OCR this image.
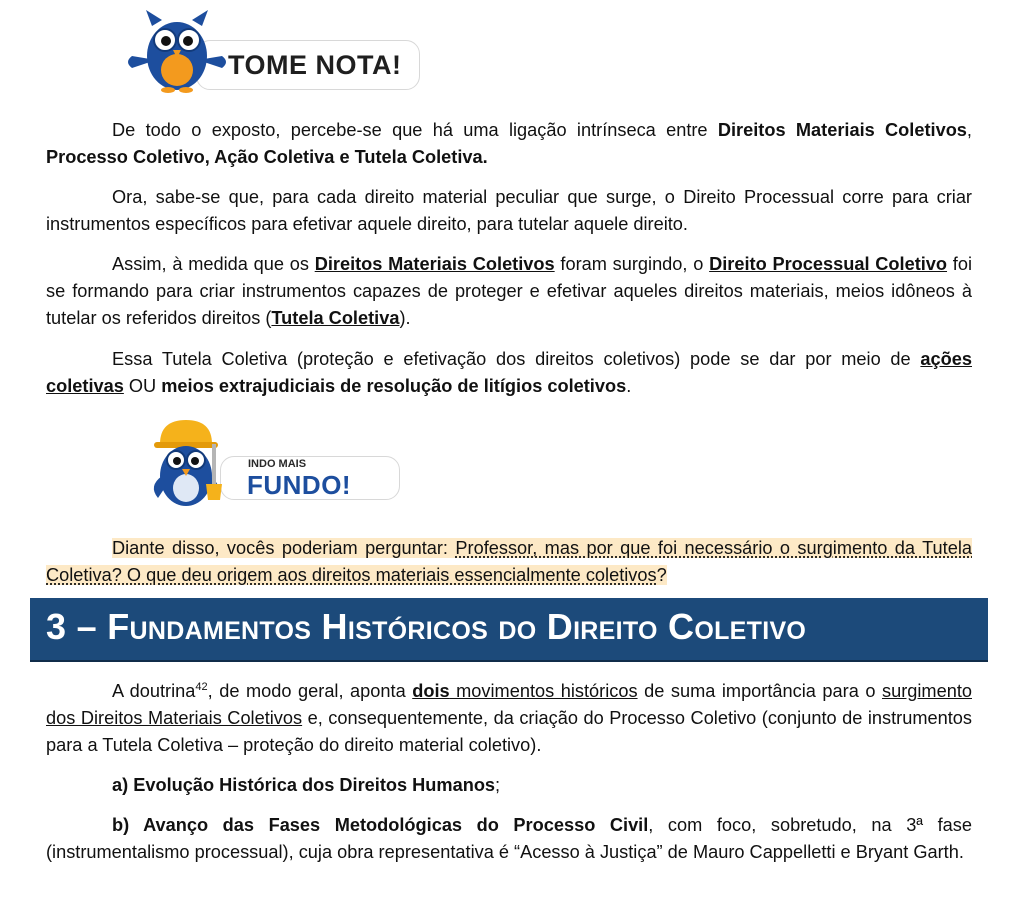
TOME NOTA!

De todo o exposto, percebe-se que há uma ligação intrínseca entre Direitos Materiais Coletivos, Processo Coletivo, Ação Coletiva e Tutela Coletiva.

Ora, sabe-se que, para cada direito material peculiar que surge, o Direito Processual corre para criar instrumentos específicos para efetivar aquele direito, para tutelar aquele direito.

Assim, à medida que os Direitos Materiais Coletivos foram surgindo, o Direito Processual Coletivo foi se formando para criar instrumentos capazes de proteger e efetivar aqueles direitos materiais, meios idôneos à tutelar os referidos direitos (Tutela Coletiva).

Essa Tutela Coletiva (proteção e efetivação dos direitos coletivos) pode se dar por meio de ações coletivas OU meios extrajudiciais de resolução de litígios coletivos.

INDO MAIS
FUNDO!

Diante disso, vocês poderiam perguntar: Professor, mas por que foi necessário o surgimento da Tutela Coletiva? O que deu origem aos direitos materiais essencialmente coletivos?

3 – Fundamentos Históricos do Direito Coletivo

A doutrina$^{42}$, de modo geral, aponta dois movimentos históricos de suma importância para o surgimento dos Direitos Materiais Coletivos e, consequentemente, da criação do Processo Coletivo (conjunto de instrumentos para a Tutela Coletiva – proteção do direito material coletivo).

a) Evolução Histórica dos Direitos Humanos;

b) Avanço das Fases Metodológicas do Processo Civil, com foco, sobretudo, na 3ª fase (instrumentalismo processual), cuja obra representativa é “Acesso à Justiça” de Mauro Cappelletti e Bryant Garth.
